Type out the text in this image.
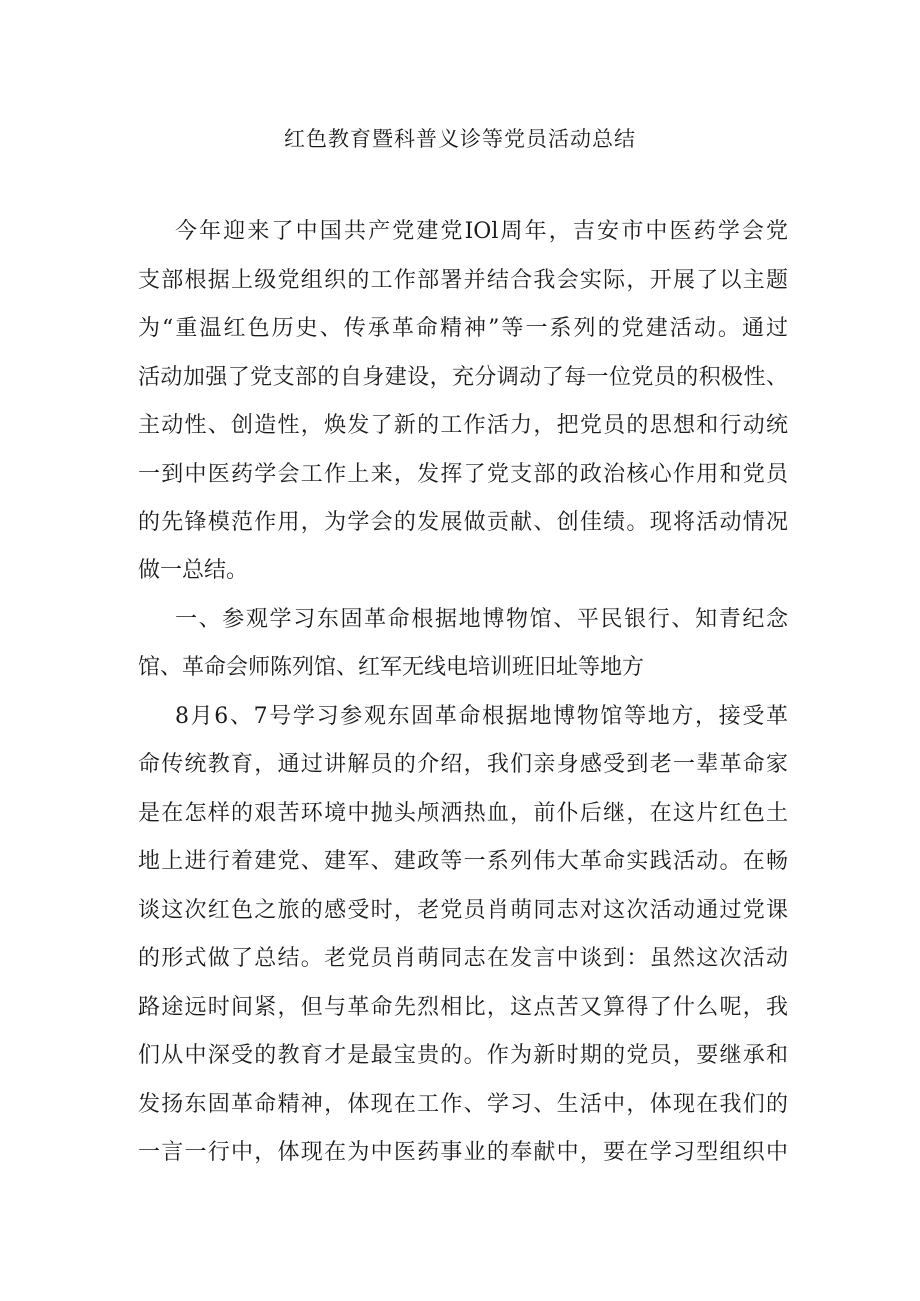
红色教育暨科普义诊等党员活动总结

今年迎来了中国共产党建党IOl周年，吉安市中医药学会党

支部根据上级党组织的工作部署并结合我会实际，开展了以主题

为“重温红色历史、传承革命精神”等一系列的党建活动。通过

活动加强了党支部的自身建设，充分调动了每一位党员的积极性、

主动性、创造性，焕发了新的工作活力，把党员的思想和行动统

一到中医药学会工作上来，发挥了党支部的政治核心作用和党员

的先锋模范作用，为学会的发展做贡献、创佳绩。现将活动情况

做一总结。

一、参观学习东固革命根据地博物馆、平民银行、知青纪念

馆、革命会师陈列馆、红军无线电培训班旧址等地方

8月6、7号学习参观东固革命根据地博物馆等地方，接受革

命传统教育，通过讲解员的介绍，我们亲身感受到老一辈革命家

是在怎样的艰苦环境中抛头颅洒热血，前仆后继，在这片红色土

地上进行着建党、建军、建政等一系列伟大革命实践活动。在畅

谈这次红色之旅的感受时，老党员肖萌同志对这次活动通过党课

的形式做了总结。老党员肖萌同志在发言中谈到：虽然这次活动

路途远时间紧，但与革命先烈相比，这点苦又算得了什么呢，我

们从中深受的教育才是最宝贵的。作为新时期的党员，要继承和

发扬东固革命精神，体现在工作、学习、生活中，体现在我们的

一言一行中，体现在为中医药事业的奉献中，要在学习型组织中
